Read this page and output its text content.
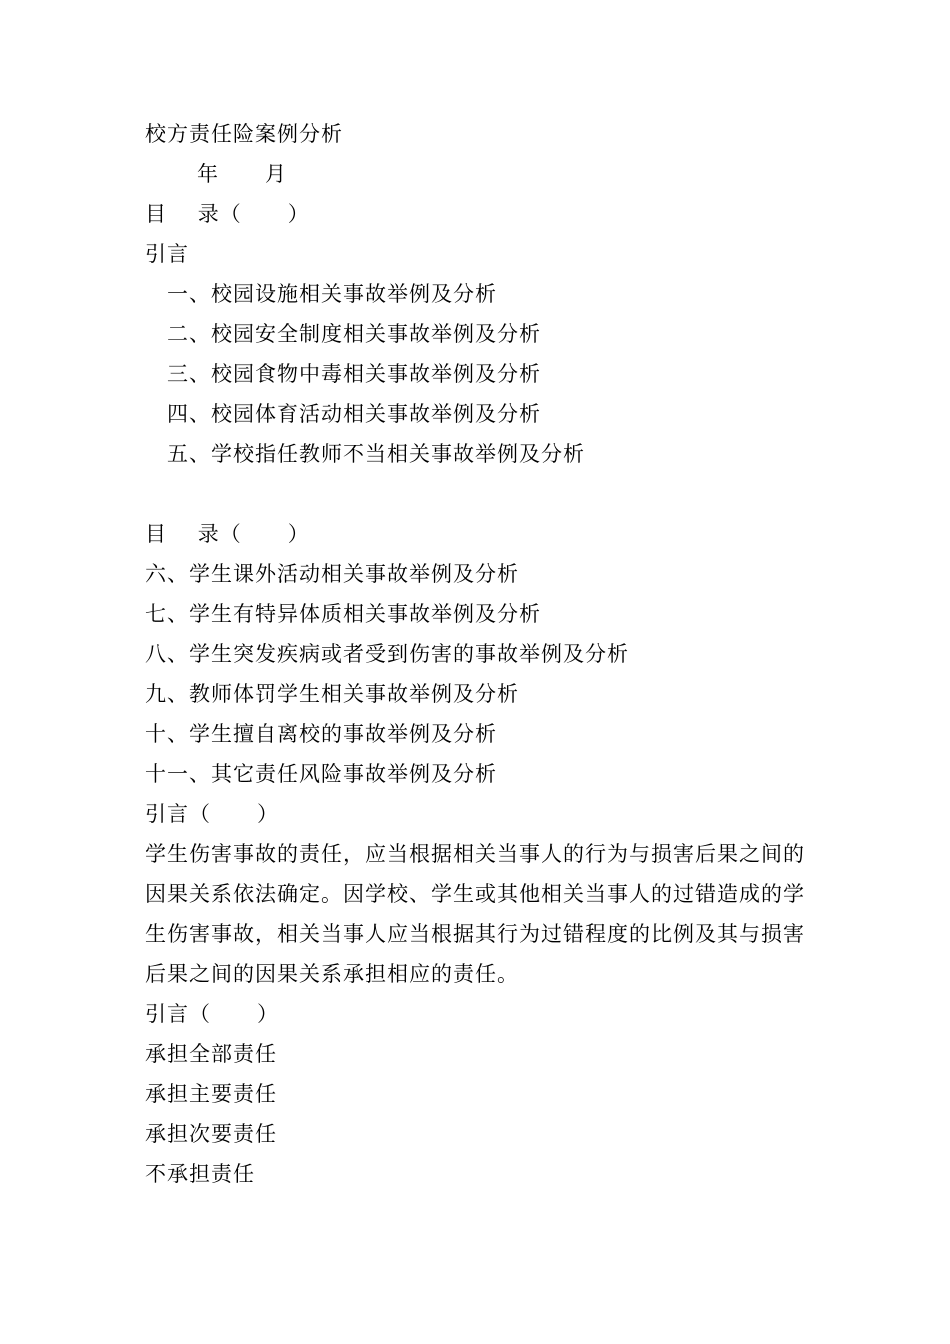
校方责任险案例分析
年      月
目    录（      ）
引言
一、校园设施相关事故举例及分析
二、校园安全制度相关事故举例及分析
三、校园食物中毒相关事故举例及分析
四、校园体育活动相关事故举例及分析
五、学校指任教师不当相关事故举例及分析
目    录（      ）
六、学生课外活动相关事故举例及分析
七、学生有特异体质相关事故举例及分析
八、学生突发疾病或者受到伤害的事故举例及分析
九、教师体罚学生相关事故举例及分析
十、学生擅自离校的事故举例及分析
十一、其它责任风险事故举例及分析
引言（      ）
学生伤害事故的责任，应当根据相关当事人的行为与损害后果之间的因果关系依法确定。因学校、学生或其他相关当事人的过错造成的学生伤害事故，相关当事人应当根据其行为过错程度的比例及其与损害后果之间的因果关系承担相应的责任。
引言（      ）
承担全部责任
承担主要责任
承担次要责任
不承担责任
